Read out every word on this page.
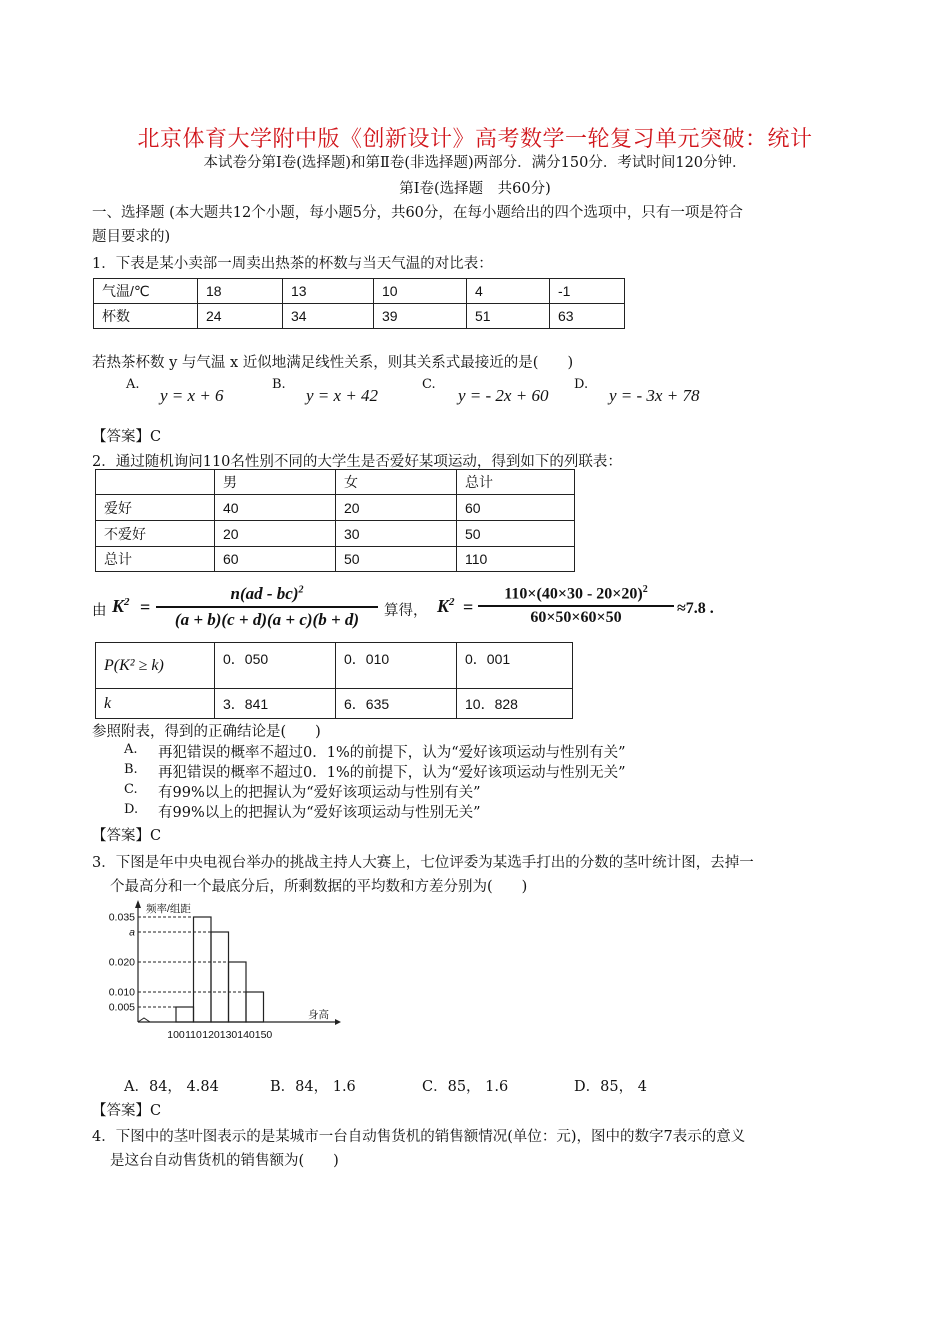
北京体育大学附中版《创新设计》高考数学一轮复习单元突破：统计
本试卷分第Ⅰ卷(选择题)和第Ⅱ卷(非选择题)两部分．满分150分．考试时间120分钟．
第Ⅰ卷(选择题　共60分)
一、选择题 (本大题共12个小题，每小题5分，共60分，在每小题给出的四个选项中，只有一项是符合
题目要求的)
1．下表是某小卖部一周卖出热茶的杯数与当天气温的对比表：
气温/℃	18	13	10	4	-1
杯数	24	34	39	51	63
若热茶杯数 y 与气温 x 近似地满足线性关系，则其关系式最接近的是(　　)
A.
y = x + 6
B.
y = x + 42
C.
y = - 2x + 60
D.
y = - 3x + 78
【答案】C
2．通过随机询问110名性别不同的大学生是否爱好某项运动，得到如下的列联表：
	男	女	总计
爱好	40	20	60
不爱好	20	30	50
总计	60	50	110
由 $K^2$ =
n(ad - bc)$^2$
(a + b)(c + d)(a + c)(b + d)	算得， $K^2$ =
$110\times(40\times 30 - 20\times 20)^2$
60×50×60×50
≈7.8 .
P(K² ≥ k)	0．050	0．010	0．001
k	3．841	6．635	10．828
参照附表，得到的正确结论是(　　)
A. 再犯错误的概率不超过0．1%的前提下，认为“爱好该项运动与性别有关”
B. 再犯错误的概率不超过0．1%的前提下，认为“爱好该项运动与性别无关”
C. 有99%以上的把握认为“爱好该项运动与性别有关”
D. 有99%以上的把握认为“爱好该项运动与性别无关”
【答案】C
3．下图是年中央电视台举办的挑战主持人大赛上，七位评委为某选手打出的分数的茎叶统计图，去掉一
个最高分和一个最底分后，所剩数据的平均数和方差分别为(　　)
0.035
a
0.020
0.010
0.005
100 110 120 130 140 150
频率/组距
身高
A．84， 4.84	B．84， 1.6	C．85， 1.6	D．85， 4
【答案】C
4．下图中的茎叶图表示的是某城市一台自动售货机的销售额情况(单位：元)，图中的数字7表示的意义
是这台自动售货机的销售额为(　　)
